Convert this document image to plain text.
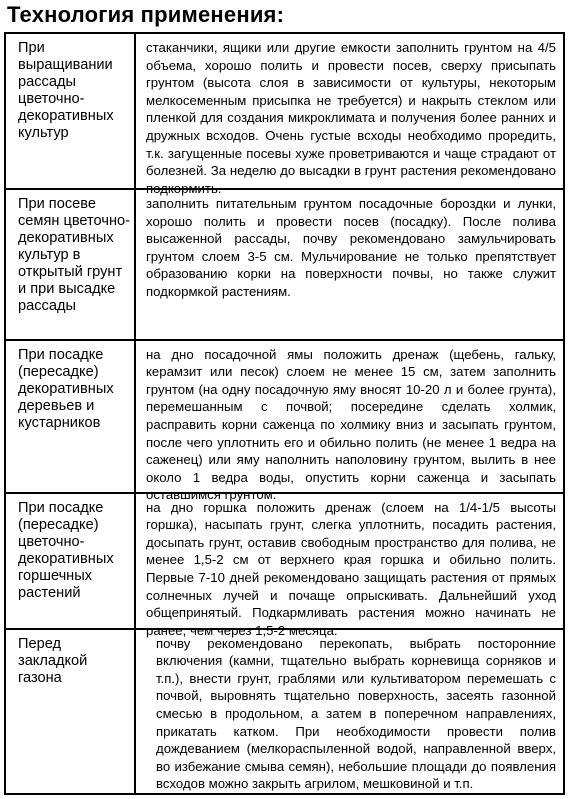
Технология применения:
При выращивании рассады цветочно-декоративных культур
стаканчики, ящики или другие емкости заполнить грунтом на 4/5 объема, хорошо полить и провести посев, сверху присыпать грунтом (высота слоя в зависимости от культуры, некоторым мелкосеменным присыпка не требуется) и накрыть стеклом или пленкой для создания микроклимата и получения более ранних и дружных всходов. Очень густые всходы необходимо проредить, т.к. загущенные посевы хуже проветриваются и чаще страдают от болезней. За неделю до высадки в грунт растения рекомендовано подкормить.
При посеве семян цветочно-декоративных культур в открытый грунт и при высадке рассады
заполнить питательным грунтом посадочные бороздки и лунки, хорошо полить и провести посев (посадку). После полива высаженной рассады, почву рекомендовано замульчировать грунтом слоем 3-5 см. Мульчирование не только препятствует образованию корки на поверхности почвы, но также служит подкормкой растениям.
При посадке (пересадке) декоративных деревьев и кустарников
на дно посадочной ямы положить дренаж (щебень, гальку, керамзит или песок) слоем не менее 15 см, затем заполнить грунтом (на одну посадочную яму вносят 10-20 л и более грунта), перемешанным с почвой; посередине сделать холмик, расправить корни саженца по холмику вниз и засыпать грунтом, после чего уплотнить его и обильно полить (не менее 1 ведра на саженец) или яму наполнить наполовину грунтом, вылить в нее около 1 ведра воды, опустить корни саженца и засыпать оставшимся грунтом.
При посадке (пересадке) цветочно-декоративных горшечных растений
на дно горшка положить дренаж (слоем на 1/4-1/5 высоты горшка), насыпать грунт, слегка уплотнить, посадить растения, досыпать грунт, оставив свободным пространство для полива, не менее 1,5-2 см от верхнего края горшка и обильно полить. Первые 7-10 дней рекомендовано защищать растения от прямых солнечных лучей и почаще опрыскивать. Дальнейший уход общепринятый. Подкармливать растения можно начинать не ранее, чем через 1,5-2 месяца.
Перед закладкой газона
почву рекомендовано перекопать, выбрать посторонние включения (камни, тщательно выбрать корневища сорняков и т.п.), внести грунт, граблями или культиватором перемешать с почвой, выровнять тщательно поверхность, засеять газонной смесью в продольном, а затем в поперечном направлениях, прикатать катком. При необходимости провести полив дождеванием (мелкораспыленной водой, направленной вверх, во избежание смыва семян), небольшие площади до появления всходов можно закрыть агрилом, мешковиной и т.п.
